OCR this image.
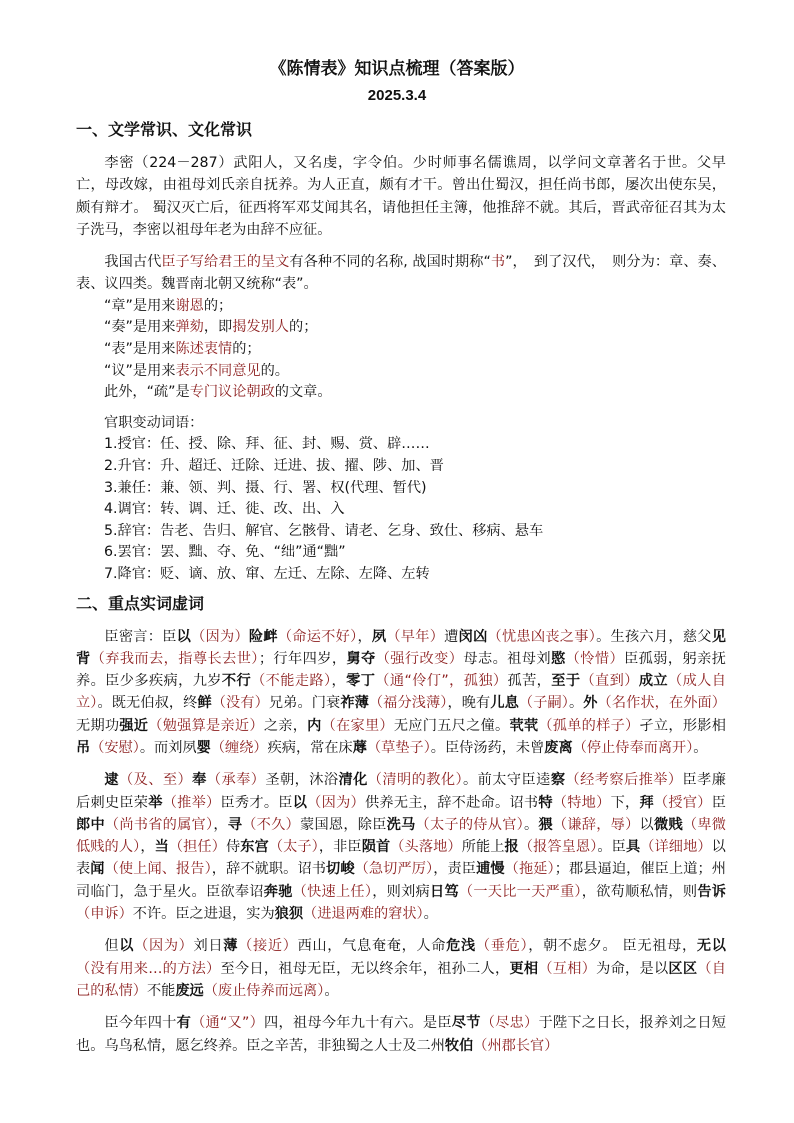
《陈情表》知识点梳理（答案版）
2025.3.4
一、文学常识、文化常识

李密（224－287）武阳人，又名虔，字令伯。少时师事名儒谯周，以学问文章著名于世。父早亡，母改嫁，由祖母刘氏亲自抚养。为人正直，颇有才干。曾出仕蜀汉，担任尚书郎，屡次出使东吴，颇有辩才。 蜀汉灭亡后，征西将军邓艾闻其名，请他担任主簿，他推辞不就。其后，晋武帝征召其为太子洗马，李密以祖母年老为由辞不应征。

我国古代臣子写给君王的呈文有各种不同的名称, 战国时期称“书”，　到了汉代，　则分为：章、奏、表、议四类。魏晋南北朝又统称“表”。

“章”是用来谢恩的；
“奏”是用来弹劾，即揭发别人的；
“表”是用来陈述衷情的；
“议”是用来表示不同意见的。
此外，“疏”是专门议论朝政的文章。
官职变动词语：
1.授官：任、授、除、拜、征、封、赐、赏、辟……
2.升官：升、超迁、迁除、迁进、拔、擢、陟、加、晋
3.兼任：兼、领、判、摄、行、署、权(代理、暂代)
4.调官：转、调、迁、徙、改、出、入
5.辞官：告老、告归、解官、乞骸骨、请老、乞身、致仕、移病、悬车
6.罢官：罢、黜、夺、免、“绌”通“黜”
7.降官：贬、谪、放、窜、左迁、左除、左降、左转
二、重点实词虚词

臣密言：臣以（因为）险衅（命运不好），夙（早年）遭闵凶（忧患凶丧之事）。生孩六月，慈父见背（弃我而去，指尊长去世）；行年四岁，舅夺（强行改变）母志。祖母刘愍（怜惜）臣孤弱，躬亲抚养。臣少多疾病，九岁不行（不能走路），零丁（通“伶仃”，孤独）孤苦，至于（直到）成立（成人自立）。既无伯叔，终鲜（没有）兄弟。门衰祚薄（福分浅薄），晚有儿息（子嗣）。外（名作状，在外面）无期功强近（勉强算是亲近）之亲，内（在家里）无应门五尺之僮。茕茕（孤单的样子）孑立，形影相吊（安慰）。而刘夙婴（缠绕）疾病，常在床蓐（草垫子）。臣侍汤药，未曾废离（停止侍奉而离开）。

逮（及、至）奉（承奉）圣朝，沐浴清化（清明的教化）。前太守臣逵察（经考察后推举）臣孝廉 后刺史臣荣举（推举）臣秀才。臣以（因为）供养无主，辞不赴命。诏书特（特地）下，拜（授官）臣郎中（尚书省的属官），寻（不久）蒙国恩，除臣洗马（太子的侍从官）。猥（谦辞，辱）以微贱（卑微低贱的人），当（担任）侍东宫（太子），非臣陨首（头落地）所能上报（报答皇恩）。臣具（详细地）以表闻（使上闻、报告），辞不就职。诏书切峻（急切严厉），责臣逋慢（拖延）；郡县逼迫，催臣上道；州司临门，急于星火。臣欲奉诏奔驰（快速上任），则刘病日笃（一天比一天严重），欲苟顺私情，则告诉（申诉）不许。臣之进退，实为狼狈（进退两难的窘状）。

但以（因为）刘日薄（接近）西山，气息奄奄，人命危浅（垂危），朝不虑夕。 臣无祖母，无以（没有用来…的方法）至今日，祖母无臣，无以终余年，祖孙二人，更相（互相）为命，是以区区（自己的私情）不能废远（废止侍养而远离）。

臣今年四十有（通“又”）四，祖母今年九十有六。是臣尽节（尽忠）于陛下之日长，报养刘之日短也。乌鸟私情，愿乞终养。臣之辛苦，非独蜀之人士及二州牧伯（州郡长官）
